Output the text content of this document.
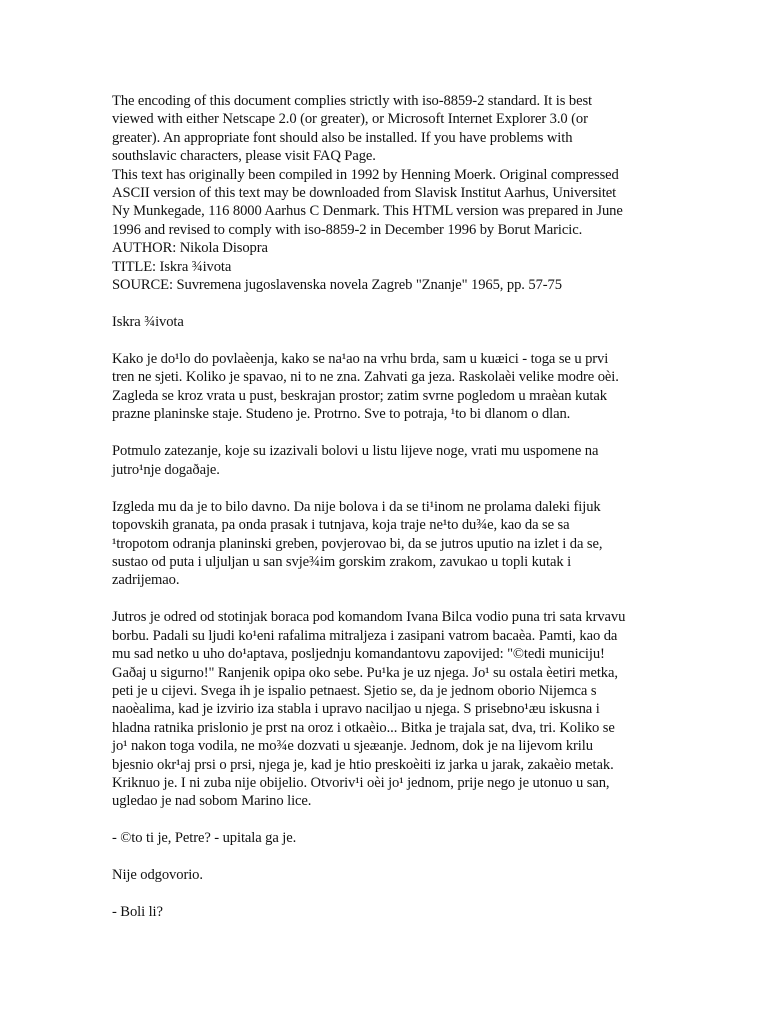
The encoding of this document complies strictly with iso-8859-2 standard. It is best
viewed with either Netscape 2.0 (or greater), or Microsoft Internet Explorer 3.0 (or
greater). An appropriate font should also be installed. If you have problems with
southslavic characters, please visit FAQ Page.
This text has originally been compiled in 1992 by Henning Moerk. Original compressed
ASCII version of this text may be downloaded from Slavisk Institut Aarhus, Universitet
Ny Munkegade, 116 8000 Aarhus C Denmark. This HTML version was prepared in June
1996 and revised to comply with iso-8859-2 in December 1996 by Borut Maricic.
AUTHOR: Nikola Disopra
TITLE: Iskra ¾ivota
SOURCE: Suvremena jugoslavenska novela Zagreb "Znanje" 1965, pp. 57-75
Iskra ¾ivota
Kako je do¹lo do povlaèenja, kako se na¹ao na vrhu brda, sam u kuæici - toga se u prvi
tren ne sjeti. Koliko je spavao, ni to ne zna. Zahvati ga jeza. Raskolaèi velike modre oèi.
Zagleda se kroz vrata u pust, beskrajan prostor; zatim svrne pogledom u mraèan kutak
prazne planinske staje. Studeno je. Protrno. Sve to potraja, ¹to bi dlanom o dlan.
Potmulo zatezanje, koje su izazivali bolovi u listu lijeve noge, vrati mu uspomene na
jutro¹nje dogaðaje.
Izgleda mu da je to bilo davno. Da nije bolova i da se ti¹inom ne prolama daleki fijuk
topovskih granata, pa onda prasak i tutnjava, koja traje ne¹to du¾e, kao da se sa
¹tropotom odranja planinski greben, povjerovao bi, da se jutros uputio na izlet i da se,
sustao od puta i uljuljan u san svje¾im gorskim zrakom, zavukao u topli kutak i
zadrijemao.
Jutros je odred od stotinjak boraca pod komandom Ivana Bilca vodio puna tri sata krvavu
borbu. Padali su ljudi ko¹eni rafalima mitraljeza i zasipani vatrom bacaèa. Pamti, kao da
mu sad netko u uho do¹aptava, posljednju komandantovu zapovijed: "©tedi municiju!
Gaðaj u sigurno!" Ranjenik opipa oko sebe. Pu¹ka je uz njega. Jo¹ su ostala èetiri metka,
peti je u cijevi. Svega ih je ispalio petnaest. Sjetio se, da je jednom oborio Nijemca s
naoèalima, kad je izvirio iza stabla i upravo naciljao u njega. S prisebno¹æu iskusna i
hladna ratnika prislonio je prst na oroz i otkaèio... Bitka je trajala sat, dva, tri. Koliko se
jo¹ nakon toga vodila, ne mo¾e dozvati u sjeæanje. Jednom, dok je na lijevom krilu
bjesnio okr¹aj prsi o prsi, njega je, kad je htio preskoèiti iz jarka u jarak, zakaèio metak.
Kriknuo je. I ni zuba nije obijelio. Otvoriv¹i oèi jo¹ jednom, prije nego je utonuo u san,
ugledao je nad sobom Marino lice.
- ©to ti je, Petre? - upitala ga je.
Nije odgovorio.
- Boli li?
